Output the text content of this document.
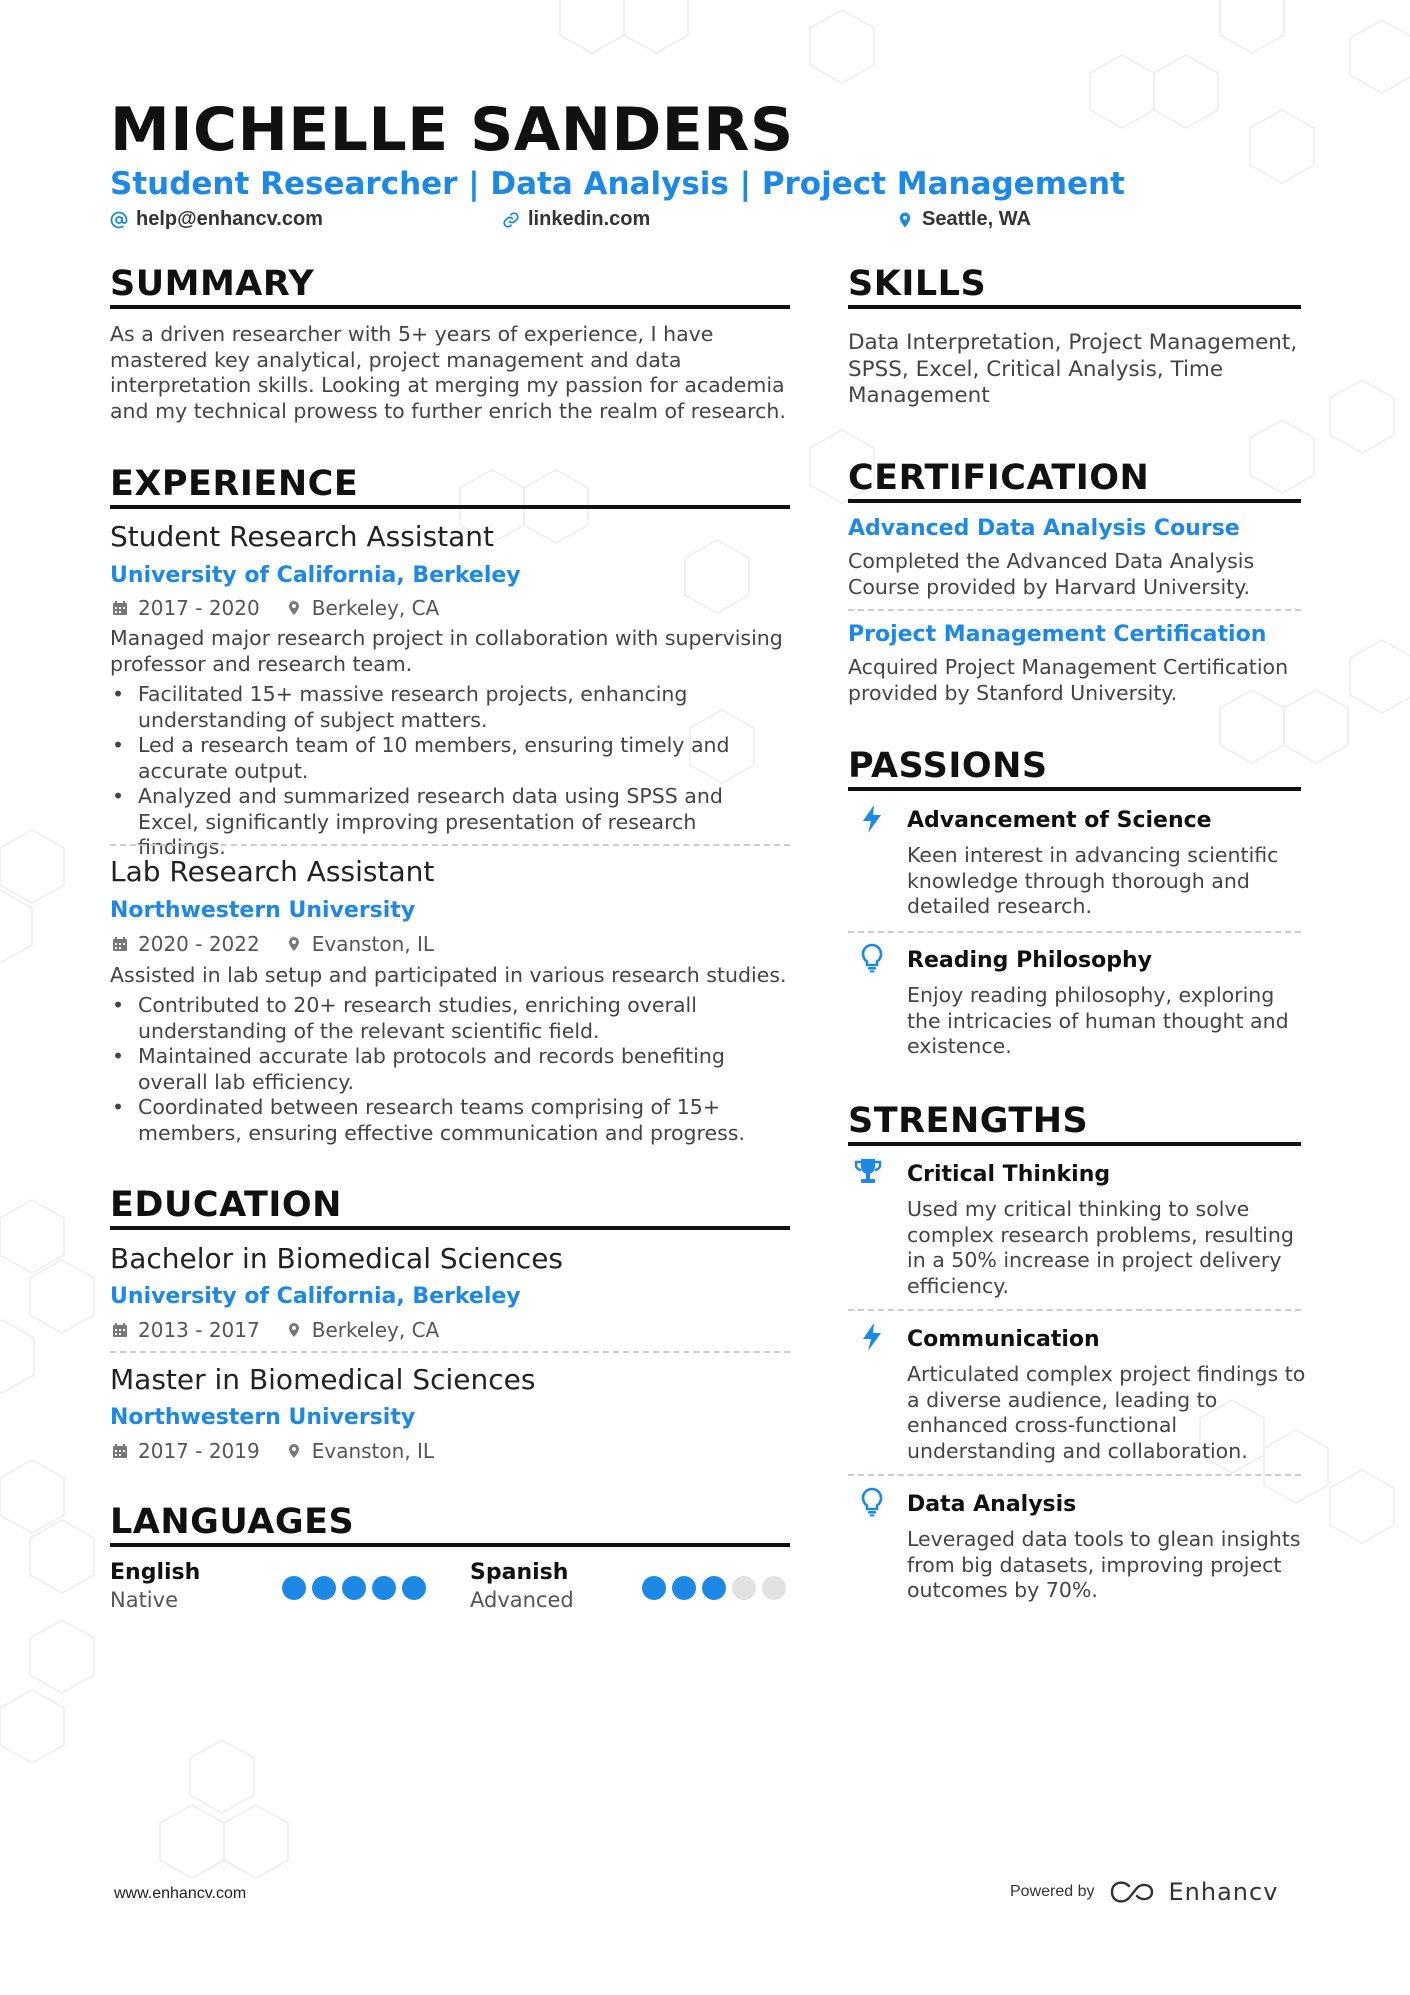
MICHELLE SANDERS
Student Researcher | Data Analysis | Project Management
help@enhancv.com	linkedin.com	Seattle, WA
SUMMARY
As a driven researcher with 5+ years of experience, I have mastered key analytical, project management and data interpretation skills. Looking at merging my passion for academia and my technical prowess to further enrich the realm of research.
EXPERIENCE
Student Research Assistant
University of California, Berkeley
2017 - 2020	Berkeley, CA
Managed major research project in collaboration with supervising professor and research team.
• Facilitated 15+ massive research projects, enhancing understanding of subject matters.
• Led a research team of 10 members, ensuring timely and accurate output.
• Analyzed and summarized research data using SPSS and Excel, significantly improving presentation of research findings.
Lab Research Assistant
Northwestern University
2020 - 2022	Evanston, IL
Assisted in lab setup and participated in various research studies.
• Contributed to 20+ research studies, enriching overall understanding of the relevant scientific field.
• Maintained accurate lab protocols and records benefiting overall lab efficiency.
• Coordinated between research teams comprising of 15+ members, ensuring effective communication and progress.
EDUCATION
Bachelor in Biomedical Sciences
University of California, Berkeley
2013 - 2017	Berkeley, CA
Master in Biomedical Sciences
Northwestern University
2017 - 2019	Evanston, IL
LANGUAGES
English
Native
Spanish
Advanced
SKILLS
Data Interpretation, Project Management, SPSS, Excel, Critical Analysis, Time Management
CERTIFICATION
Advanced Data Analysis Course
Completed the Advanced Data Analysis Course provided by Harvard University.
Project Management Certification
Acquired Project Management Certification provided by Stanford University.
PASSIONS
Advancement of Science
Keen interest in advancing scientific knowledge through thorough and detailed research.
Reading Philosophy
Enjoy reading philosophy, exploring the intricacies of human thought and existence.
STRENGTHS
Critical Thinking
Used my critical thinking to solve complex research problems, resulting in a 50% increase in project delivery efficiency.
Communication
Articulated complex project findings to a diverse audience, leading to enhanced cross-functional understanding and collaboration.
Data Analysis
Leveraged data tools to glean insights from big datasets, improving project outcomes by 70%.
www.enhancv.com	Powered by	Enhancv
